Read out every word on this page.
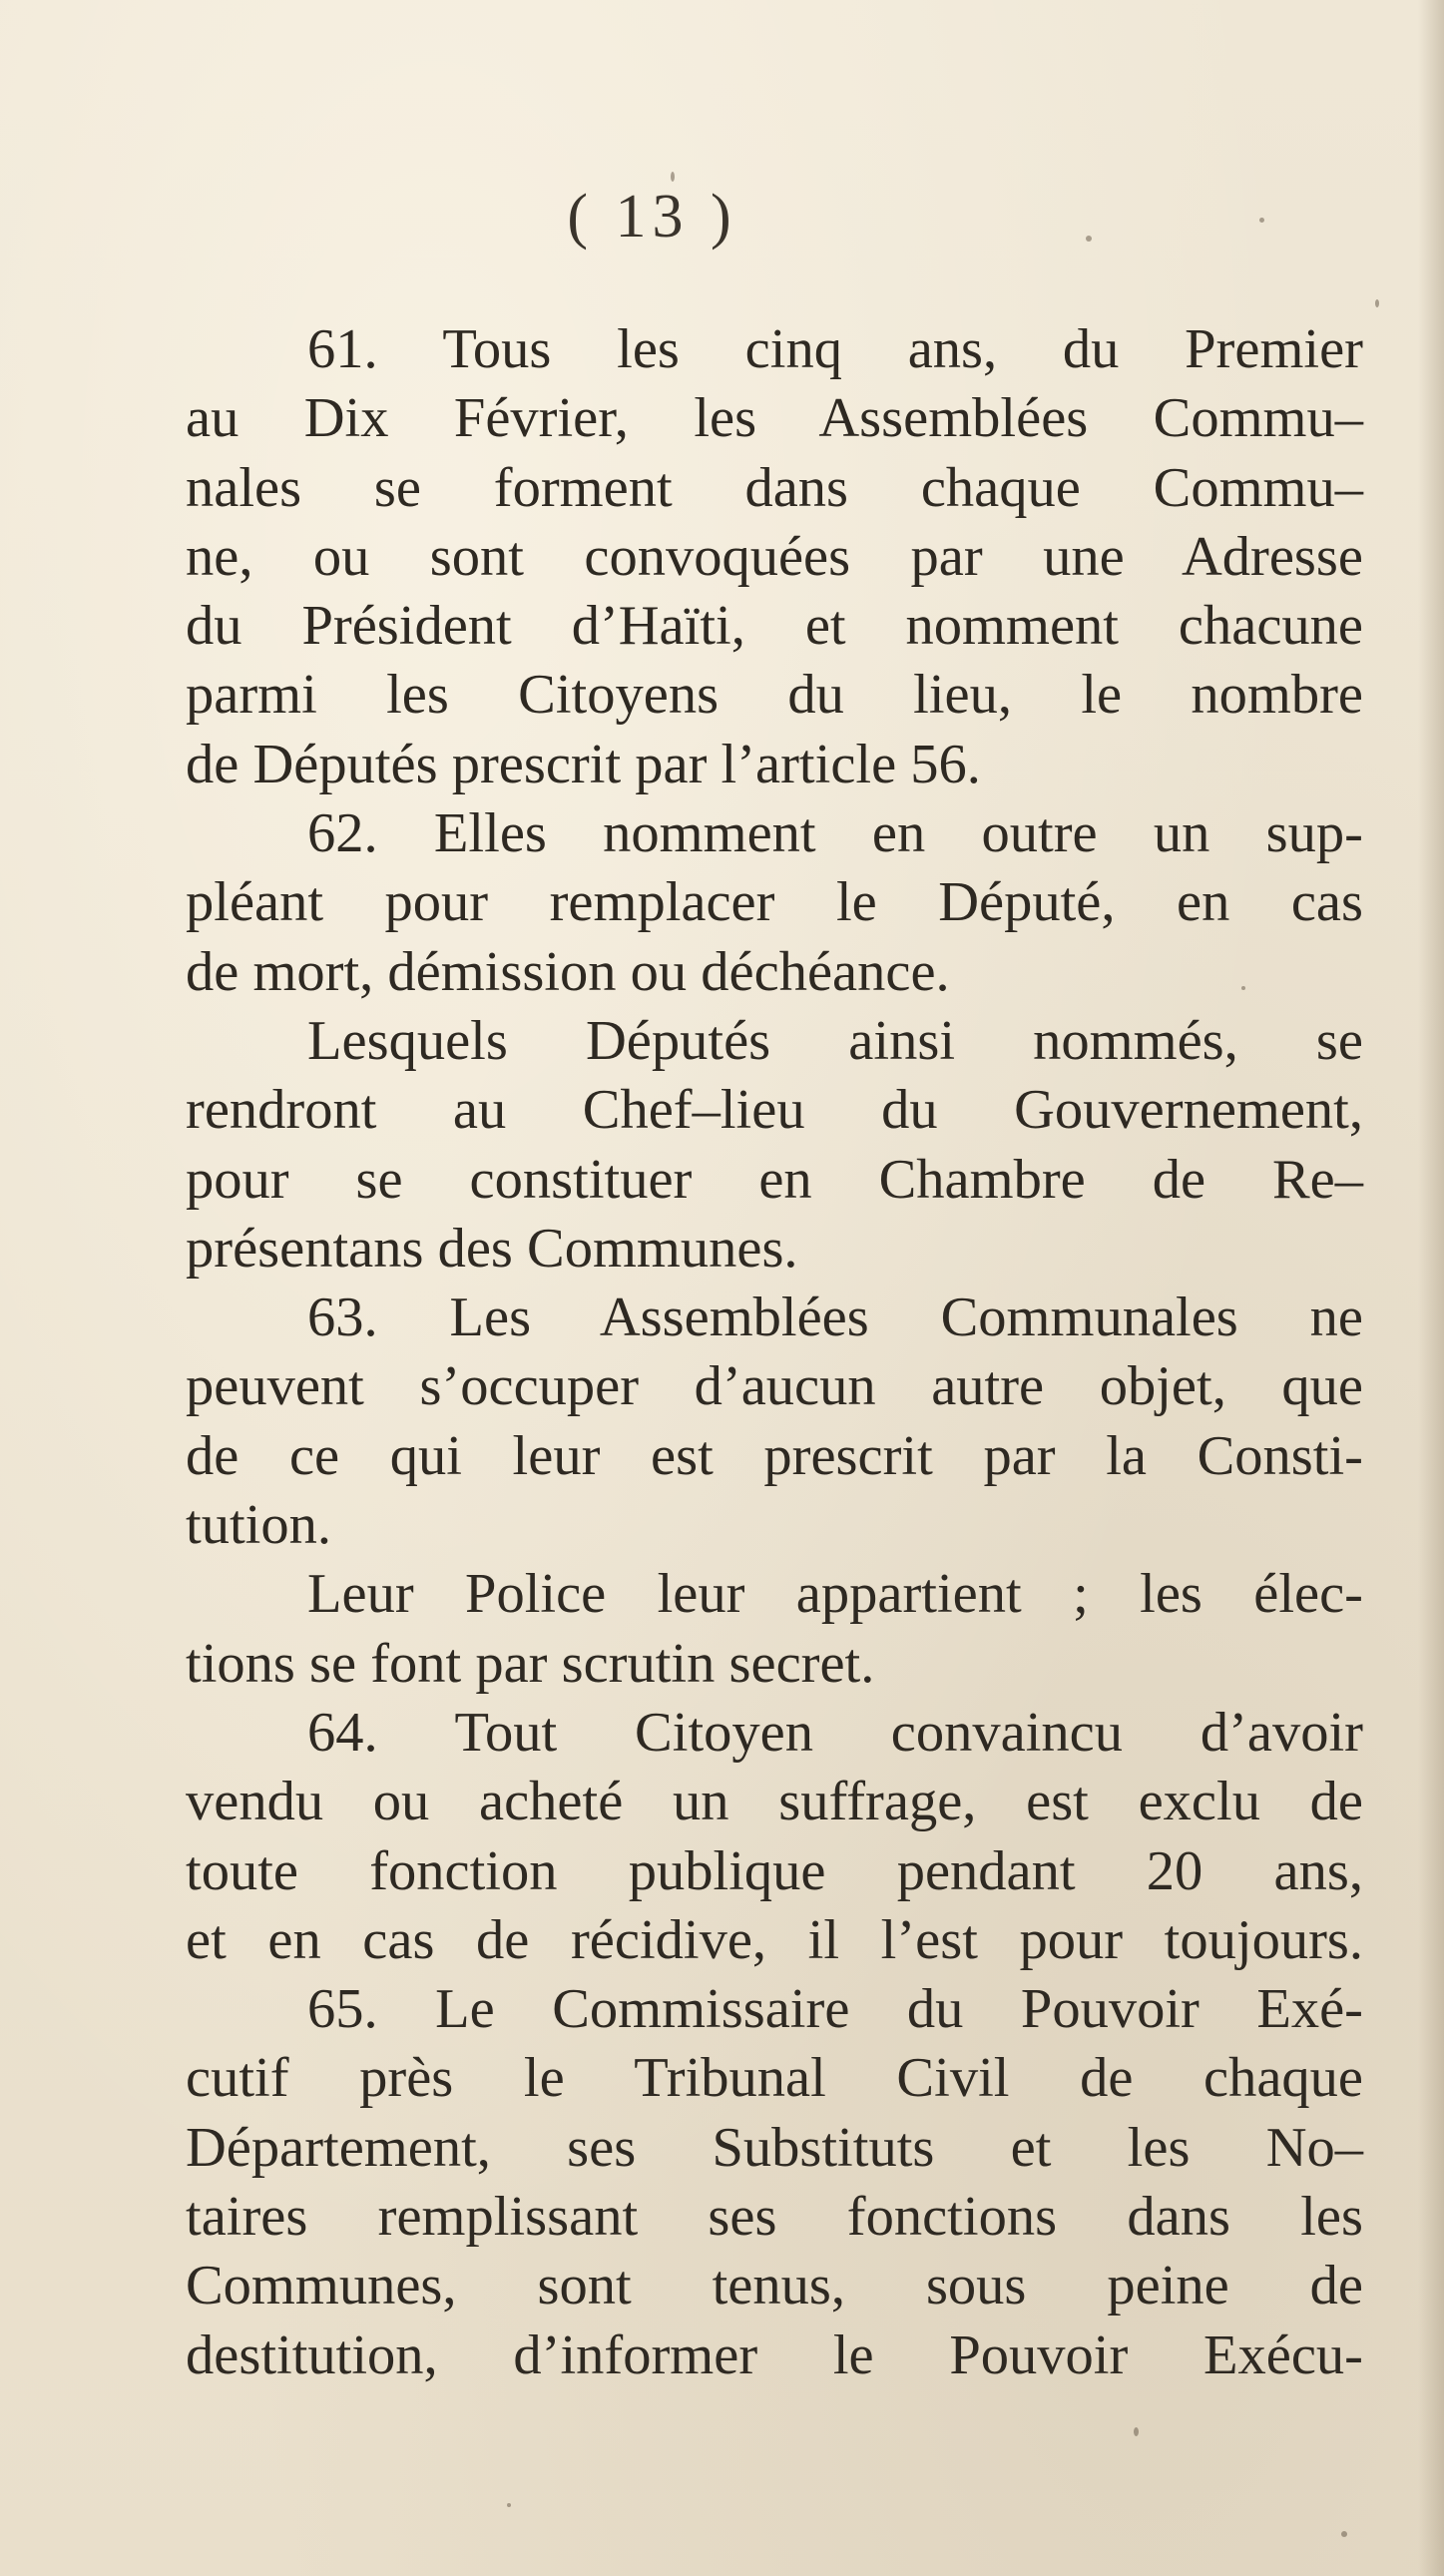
( 13 )
61. Tous les cinq ans, du Premier
au Dix Février, les Assemblées Commu–
nales se forment dans chaque Commu–
ne, ou sont convoquées par une Adresse
du Président d’Haïti, et nomment chacune
parmi les Citoyens du lieu, le nombre
de Députés prescrit par l’article 56.
62. Elles nomment en outre un sup-
pléant pour remplacer le Député, en cas
de mort, démission ou déchéance.
Lesquels Députés ainsi nommés, se
rendront au Chef–lieu du Gouvernement,
pour se constituer en Chambre de Re–
présentans des Communes.
63. Les Assemblées Communales ne
peuvent s’occuper d’aucun autre objet, que
de ce qui leur est prescrit par la Consti-
tution.
Leur Police leur appartient ; les élec-
tions se font par scrutin secret.
64. Tout Citoyen convaincu d’avoir
vendu ou acheté un suffrage, est exclu de
toute fonction publique pendant 20 ans,
et en cas de récidive, il l’est pour toujours.
65. Le Commissaire du Pouvoir Exé-
cutif près le Tribunal Civil de chaque
Département, ses Substituts et les No–
taires remplissant ses fonctions dans les
Communes, sont tenus, sous peine de
destitution, d’informer le Pouvoir Exécu-
